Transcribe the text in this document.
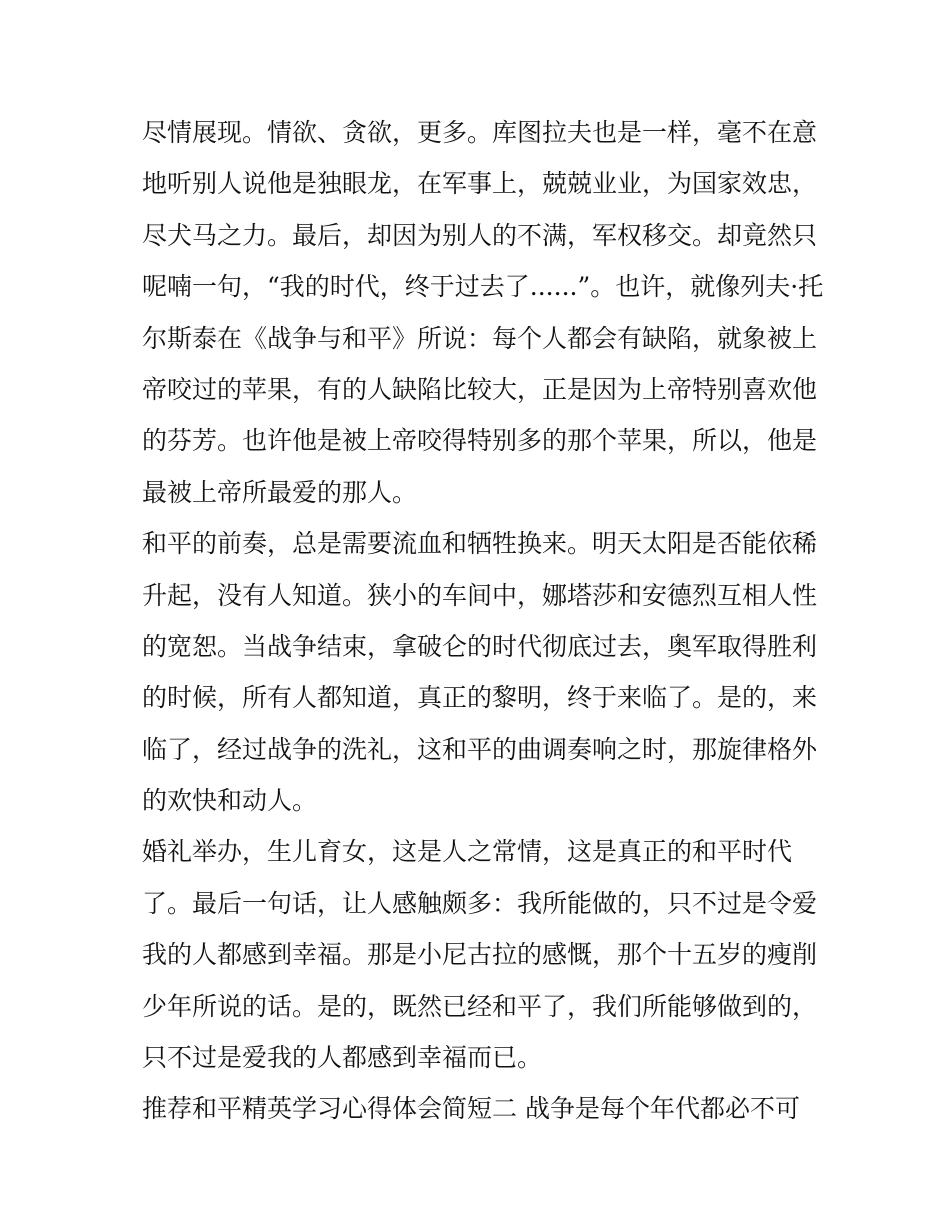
尽情展现。情欲、贪欲，更多。库图拉夫也是一样，毫不在意
地听别人说他是独眼龙，在军事上，兢兢业业，为国家效忠，
尽犬马之力。最后，却因为别人的不满，军权移交。却竟然只
呢喃一句，“我的时代，终于过去了......”。也许，就像列夫·托
尔斯泰在《战争与和平》所说：每个人都会有缺陷，就象被上
帝咬过的苹果，有的人缺陷比较大，正是因为上帝特别喜欢他
的芬芳。也许他是被上帝咬得特别多的那个苹果，所以，他是
最被上帝所最爱的那人。
和平的前奏，总是需要流血和牺牲换来。明天太阳是否能依稀
升起，没有人知道。狭小的车间中，娜塔莎和安德烈互相人性
的宽恕。当战争结束，拿破仑的时代彻底过去，奥军取得胜利
的时候，所有人都知道，真正的黎明，终于来临了。是的，来
临了，经过战争的洗礼，这和平的曲调奏响之时，那旋律格外
的欢快和动人。
婚礼举办，生儿育女，这是人之常情，这是真正的和平时代
了。最后一句话，让人感触颇多：我所能做的，只不过是令爱
我的人都感到幸福。那是小尼古拉的感慨，那个十五岁的瘦削
少年所说的话。是的，既然已经和平了，我们所能够做到的，
只不过是爱我的人都感到幸福而已。
推荐和平精英学习心得体会简短二 战争是每个年代都必不可
